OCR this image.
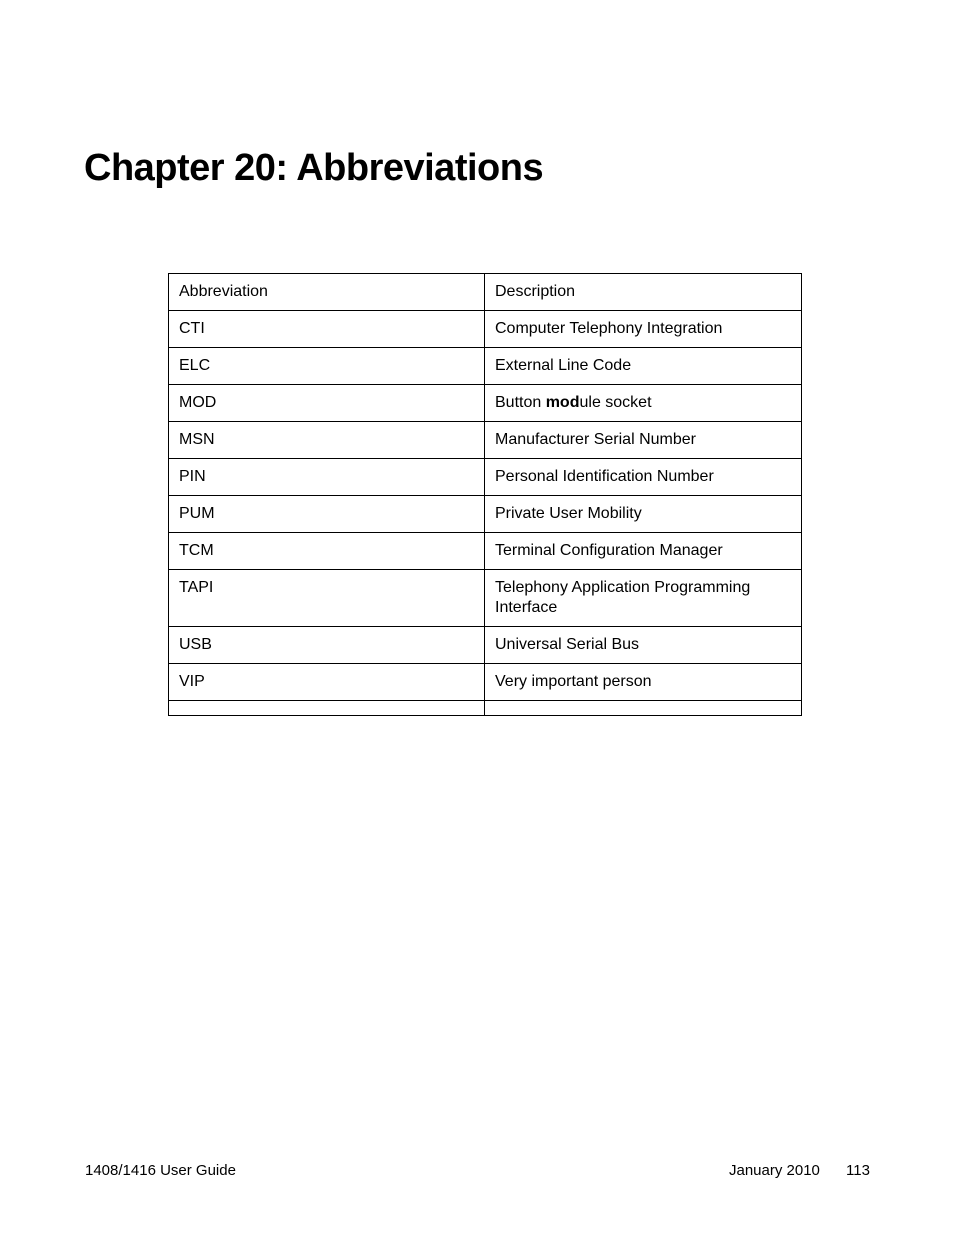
Chapter 20: Abbreviations
Abbreviation	Description
CTI	Computer Telephony Integration
ELC	External Line Code
MOD	Button module socket
MSN	Manufacturer Serial Number
PIN	Personal Identification Number
PUM	Private User Mobility
TCM	Terminal Configuration Manager
TAPI	Telephony Application Programming
Interface

USB	Universal Serial Bus
VIP	Very important person

1408/1416 User Guide	January 2010 113
